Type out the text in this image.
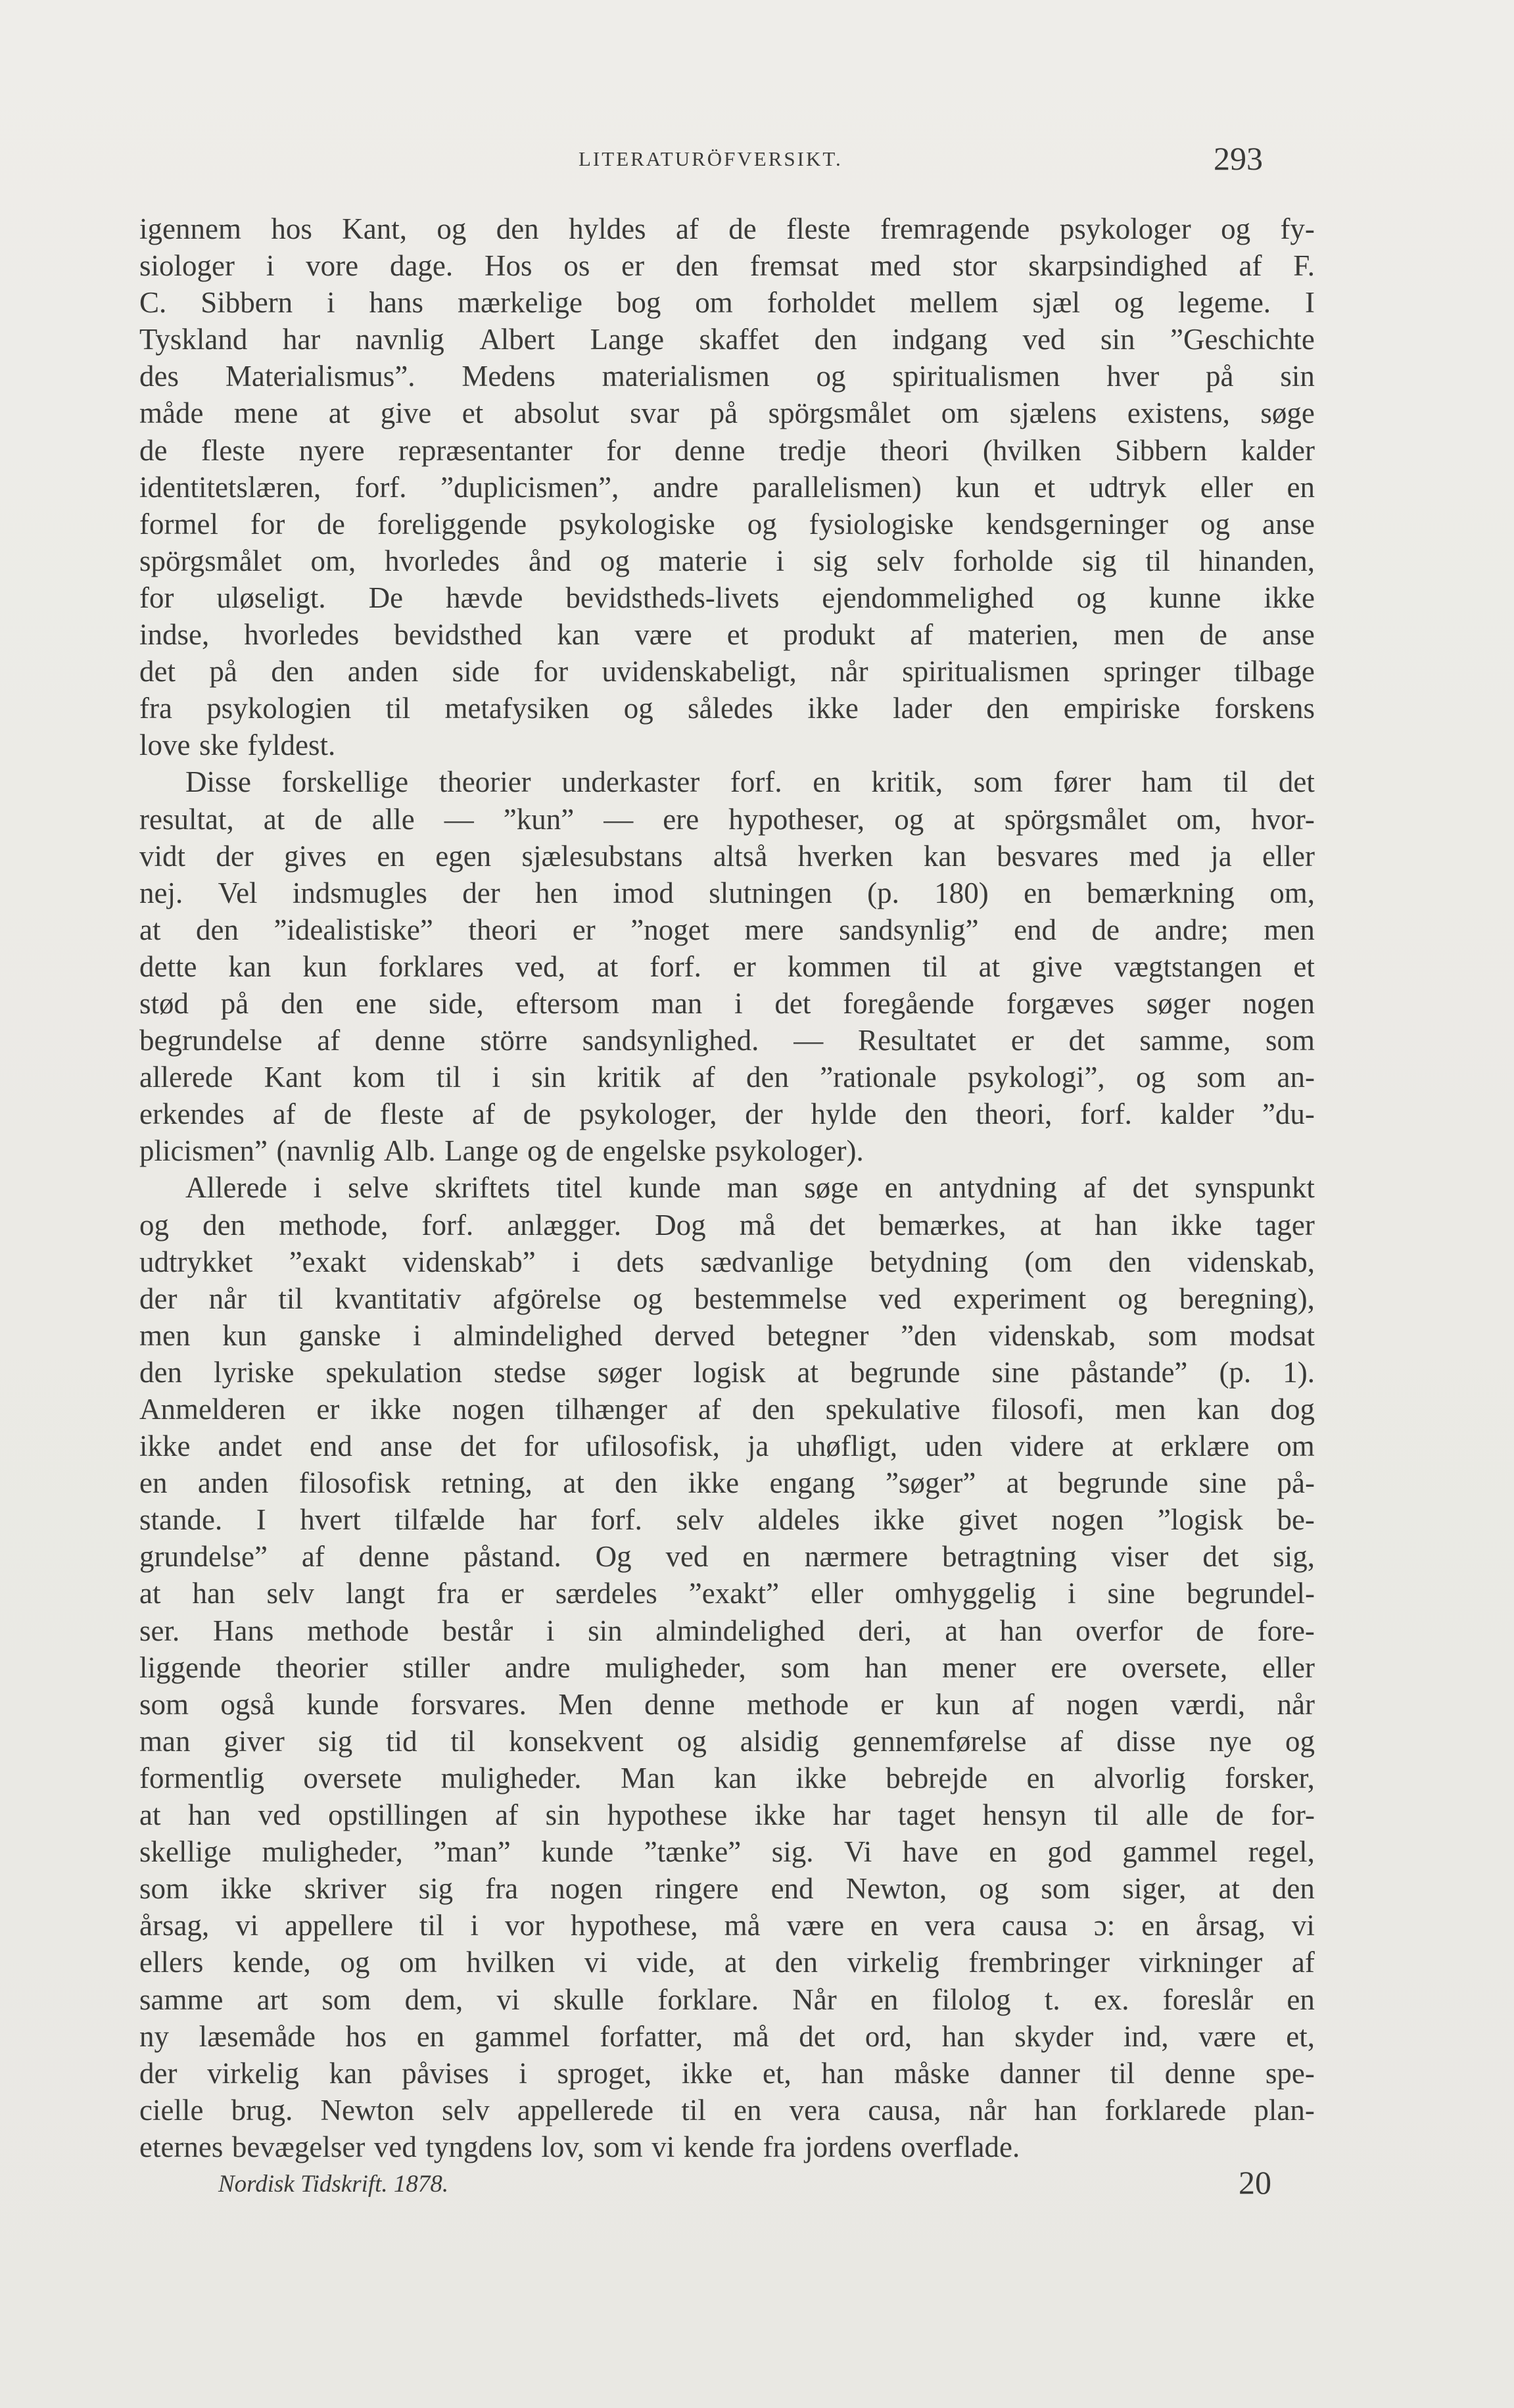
LITERATURÖFVERSIKT.	293
igennem hos Kant, og den hyldes af de fleste fremragende psykologer og fy-
siologer i vore dage. Hos os er den fremsat med stor skarpsindighed af F.
C. Sibbern i hans mærkelige bog om forholdet mellem sjæl og legeme. I
Tyskland har navnlig Albert Lange skaffet den indgang ved sin ”Geschichte
des Materialismus”. Medens materialismen og spiritualismen hver på sin
måde mene at give et absolut svar på spörgsmålet om sjælens existens, søge
de fleste nyere repræsentanter for denne tredje theori (hvilken Sibbern kalder
identitetslæren, forf. ”duplicismen”, andre parallelismen) kun et udtryk eller en
formel for de foreliggende psykologiske og fysiologiske kendsgerninger og anse
spörgsmålet om, hvorledes ånd og materie i sig selv forholde sig til hinanden,
for uløseligt. De hævde bevidstheds-livets ejendommelighed og kunne ikke
indse, hvorledes bevidsthed kan være et produkt af materien, men de anse
det på den anden side for uvidenskabeligt, når spiritualismen springer tilbage
fra psykologien til metafysiken og således ikke lader den empiriske forskens
love ske fyldest.
Disse forskellige theorier underkaster forf. en kritik, som fører ham til det
resultat, at de alle — ”kun” — ere hypotheser, og at spörgsmålet om, hvor-
vidt der gives en egen sjælesubstans altså hverken kan besvares med ja eller
nej. Vel indsmugles der hen imod slutningen (p. 180) en bemærkning om,
at den ”idealistiske” theori er ”noget mere sandsynlig” end de andre; men
dette kan kun forklares ved, at forf. er kommen til at give vægtstangen et
stød på den ene side, eftersom man i det foregående forgæves søger nogen
begrundelse af denne större sandsynlighed. — Resultatet er det samme, som
allerede Kant kom til i sin kritik af den ”rationale psykologi”, og som an-
erkendes af de fleste af de psykologer, der hylde den theori, forf. kalder ”du-
plicismen” (navnlig Alb. Lange og de engelske psykologer).
Allerede i selve skriftets titel kunde man søge en antydning af det synspunkt
og den methode, forf. anlægger. Dog må det bemærkes, at han ikke tager
udtrykket ”exakt videnskab” i dets sædvanlige betydning (om den videnskab,
der når til kvantitativ afgörelse og bestemmelse ved experiment og beregning),
men kun ganske i almindelighed derved betegner ”den videnskab, som modsat
den lyriske spekulation stedse søger logisk at begrunde sine påstande” (p. 1).
Anmelderen er ikke nogen tilhænger af den spekulative filosofi, men kan dog
ikke andet end anse det for ufilosofisk, ja uhøfligt, uden videre at erklære om
en anden filosofisk retning, at den ikke engang ”søger” at begrunde sine på-
stande. I hvert tilfælde har forf. selv aldeles ikke givet nogen ”logisk be-
grundelse” af denne påstand. Og ved en nærmere betragtning viser det sig,
at han selv langt fra er særdeles ”exakt” eller omhyggelig i sine begrundel-
ser. Hans methode består i sin almindelighed deri, at han overfor de fore-
liggende theorier stiller andre muligheder, som han mener ere oversete, eller
som også kunde forsvares. Men denne methode er kun af nogen værdi, når
man giver sig tid til konsekvent og alsidig gennemførelse af disse nye og
formentlig oversete muligheder. Man kan ikke bebrejde en alvorlig forsker,
at han ved opstillingen af sin hypothese ikke har taget hensyn til alle de for-
skellige muligheder, ”man” kunde ”tænke” sig. Vi have en god gammel regel,
som ikke skriver sig fra nogen ringere end Newton, og som siger, at den
årsag, vi appellere til i vor hypothese, må være en vera causa ɔ: en årsag, vi
ellers kende, og om hvilken vi vide, at den virkelig frembringer virkninger af
samme art som dem, vi skulle forklare. Når en filolog t. ex. foreslår en
ny læsemåde hos en gammel forfatter, må det ord, han skyder ind, være et,
der virkelig kan påvises i sproget, ikke et, han måske danner til denne spe-
cielle brug. Newton selv appellerede til en vera causa, når han forklarede plan-
eternes bevægelser ved tyngdens lov, som vi kende fra jordens overflade.
Nordisk Tidskrift. 1878.	20
